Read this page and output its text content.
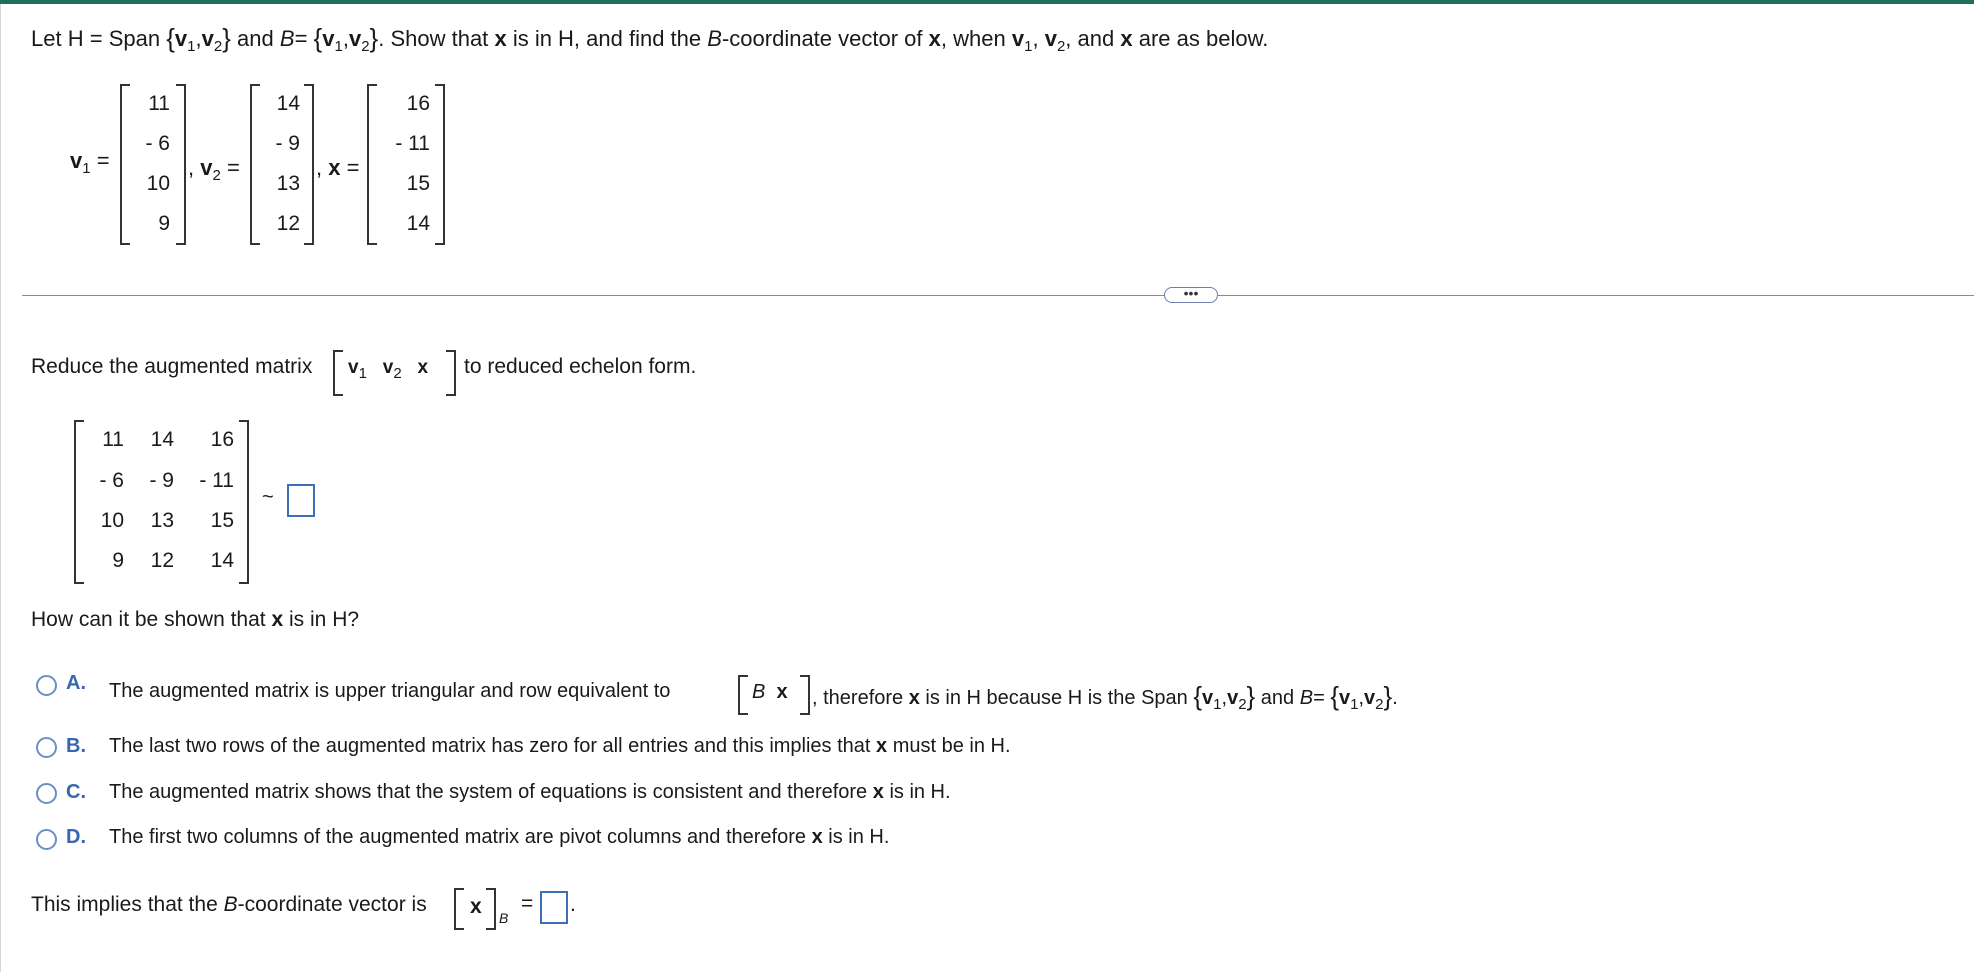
Let H = Span $\{v_1,v_2\}$ and $B= \{v_1,v_2\}$. Show that x is in H, and find the B-coordinate vector of x, when $v_1$, $v_2$, and x are as below.
$v_1$ =
11
- 6
10
9
, $v_2$ =
14
- 9
13
12
, x =
16
- 11
15
14
•••
Reduce the augmented matrix $v_1$ $v_2$ x to reduced echelon form.
11	14	16
- 6	- 9	- 11
10	13	15
9	12	14
~
How can it be shown that x is in H?
A. The augmented matrix is upper triangular and row equivalent to	B x , therefore x is in H because H is the Span $\{v_1,v_2\}$ and $B= \{v_1,v_2\}$.
B. The last two rows of the augmented matrix has zero for all entries and this implies that x must be in H.
C. The augmented matrix shows that the system of equations is consistent and therefore x is in H.
D. The first two columns of the augmented matrix are pivot columns and therefore x is in H.
This implies that the B-coordinate vector is x B
= .
